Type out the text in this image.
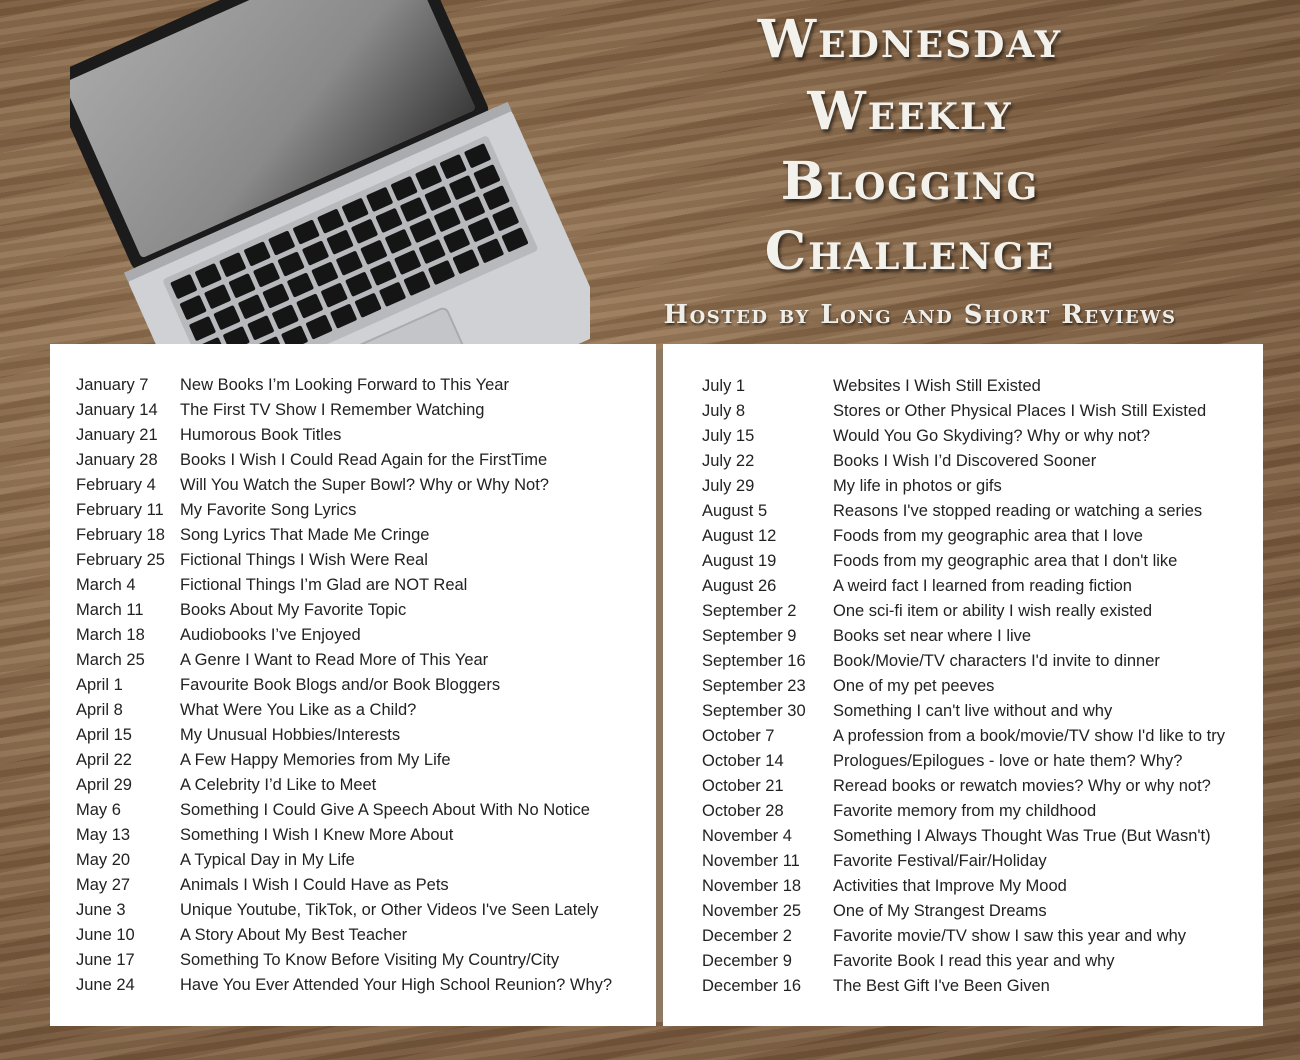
Wednesday
Weekly
Blogging
Challenge
Hosted by Long and Short Reviews
January 7 New Books I’m Looking Forward to This Year
January 14 The First TV Show I Remember Watching
January 21 Humorous Book Titles
January 28 Books I Wish I Could Read Again for the FirstTime
February 4 Will You Watch the Super Bowl? Why or Why Not?
February 11 My Favorite Song Lyrics
February 18 Song Lyrics That Made Me Cringe
February 25 Fictional Things I Wish Were Real
March 4	Fictional Things I’m Glad are NOT Real
March 11 Books About My Favorite Topic
March 18 Audiobooks I’ve Enjoyed
March 25 A Genre I Want to Read More of This Year
April 1	Favourite Book Blogs and/or Book Bloggers
April 8	What Were You Like as a Child?
April 15	My Unusual Hobbies/Interests
April 22	A Few Happy Memories from My Life
April 29	A Celebrity I’d Like to Meet
May 6	Something I Could Give A Speech About With No Notice
May 13	Something I Wish I Knew More About
May 20	A Typical Day in My Life
May 27	Animals I Wish I Could Have as Pets
June 3	Unique Youtube, TikTok, or Other Videos I've Seen Lately
June 10	A Story About My Best Teacher
June 17	Something To Know Before Visiting My Country/City
June 24	Have You Ever Attended Your High School Reunion? Why?
July 1	Websites I Wish Still Existed
July 8	Stores or Other Physical Places I Wish Still Existed
July 15	Would You Go Skydiving? Why or why not?
July 22	Books I Wish I’d Discovered Sooner
July 29	My life in photos or gifs
August 5	Reasons I've stopped reading or watching a series
August 12	Foods from my geographic area that I love
August 19	Foods from my geographic area that I don't like
August 26	A weird fact I learned from reading fiction
September 2 One sci-fi item or ability I wish really existed
September 9 Books set near where I live
September 16 Book/Movie/TV characters I'd invite to dinner
September 23 One of my pet peeves
September 30 Something I can't live without and why
October 7	A profession from a book/movie/TV show I'd like to try
October 14	Prologues/Epilogues - love or hate them? Why?
October 21	Reread books or rewatch movies? Why or why not?
October 28	Favorite memory from my childhood
November 4 Something I Always Thought Was True (But Wasn't)
November 11 Favorite Festival/Fair/Holiday
November 18 Activities that Improve My Mood
November 25 One of My Strangest Dreams
December 2 Favorite movie/TV show I saw this year and why
December 9 Favorite Book I read this year and why
December 16 The Best Gift I've Been Given
